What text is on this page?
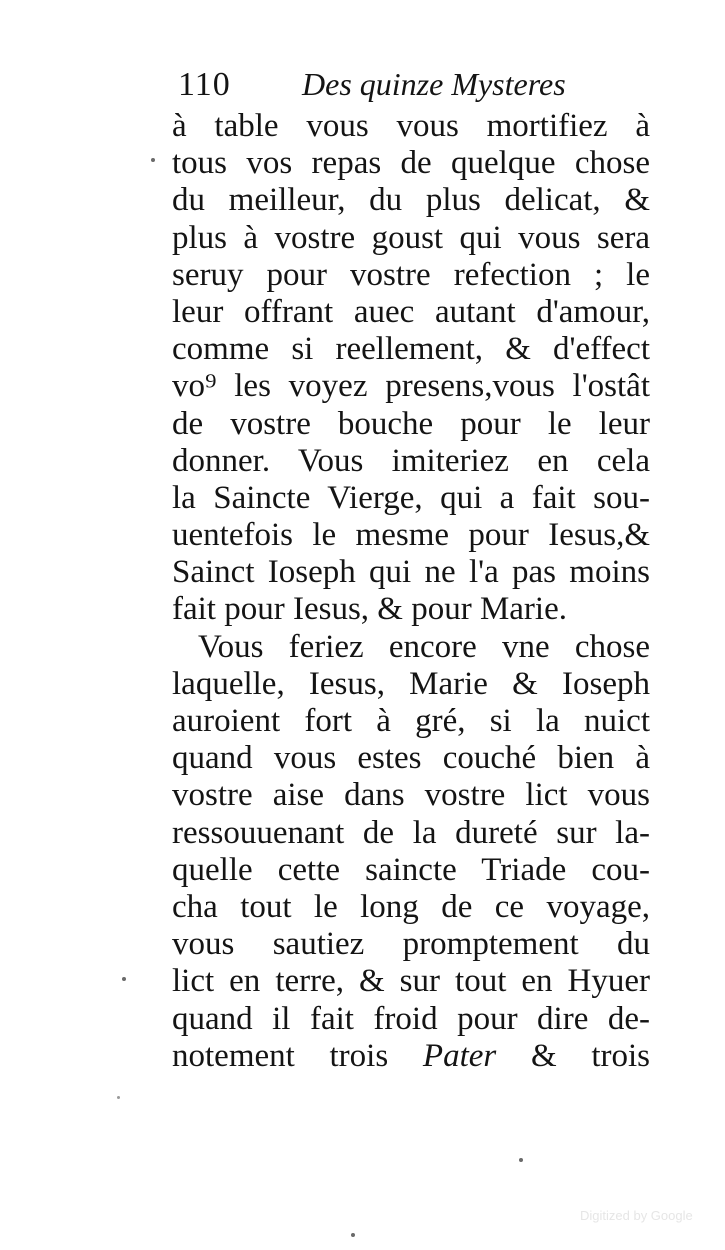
110 Des quinze Mysteres
à table vous vous mortifiez à
tous vos repas de quelque chose
du meilleur, du plus delicat, &
plus à vostre goust qui vous sera
seruy pour vostre refection ; le
leur offrant auec autant d'amour,
comme si reellement, & d'effect
vo⁹ les voyez presens,vous l'ostât
de vostre bouche pour le leur
donner. Vous imiteriez en cela
la Saincte Vierge, qui a fait sou-
uentefois le mesme pour Iesus,&
Sainct Ioseph qui ne l'a pas moins
fait pour Iesus, & pour Marie.
Vous feriez encore vne chose
laquelle, Iesus, Marie & Ioseph
auroient fort à gré, si la nuict
quand vous estes couché bien à
vostre aise dans vostre lict vous
ressouuenant de la dureté sur la-
quelle cette saincte Triade cou-
cha tout le long de ce voyage,
vous sautiez promptement du
lict en terre, & sur tout en Hyuer
quand il fait froid pour dire de-
notement trois Pater & trois
Digitized by Google
